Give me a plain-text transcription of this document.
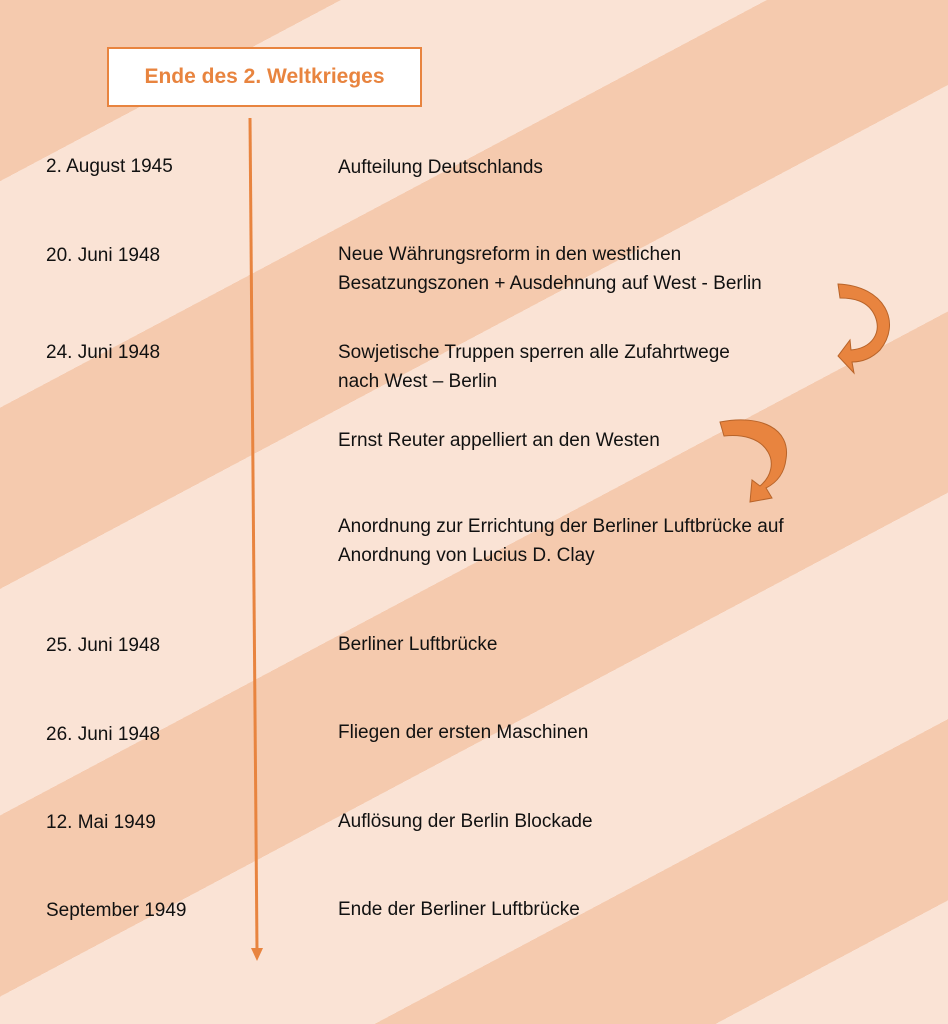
Ende des 2. Weltkrieges
2. August 1945	Aufteilung Deutschlands
20. Juni 1948	Neue Währungsreform in den westlichen
Besatzungszonen + Ausdehnung auf West - Berlin
24. Juni 1948	Sowjetische Truppen sperren alle Zufahrtwege
nach West – Berlin
Ernst Reuter appelliert an den Westen
Anordnung zur Errichtung der Berliner Luftbrücke auf
Anordnung von Lucius D. Clay
25. Juni 1948	Berliner Luftbrücke
26. Juni 1948	Fliegen der ersten Maschinen
12. Mai 1949	Auflösung der Berlin Blockade
September 1949	Ende der Berliner Luftbrücke
